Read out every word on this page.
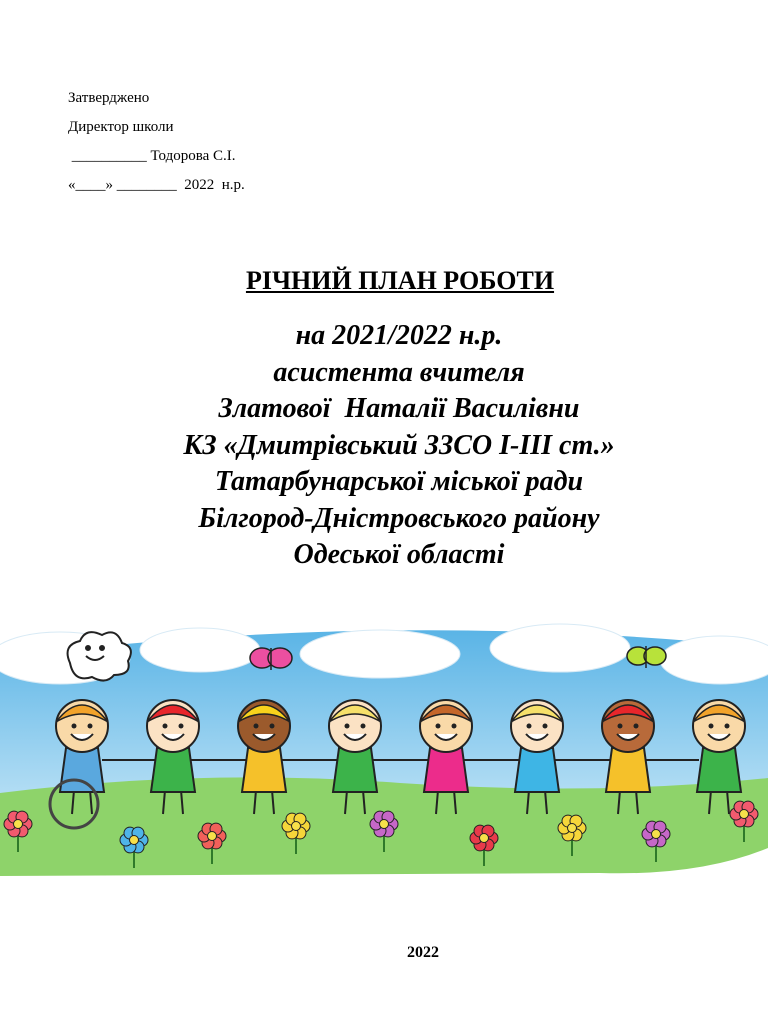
Затверджено
Директор школи
__________ Тодорова С.І.
«____» ________  2022  н.р.
РІЧНИЙ ПЛАН РОБОТИ
на 2021/2022 н.р.
асистента вчителя
Златової  Наталії Василівни
КЗ «Дмитрівський ЗЗСО І-ІІІ ст.»
Татарбунарської міської ради
Білгород-Дністровського району
Одеської області
2022
